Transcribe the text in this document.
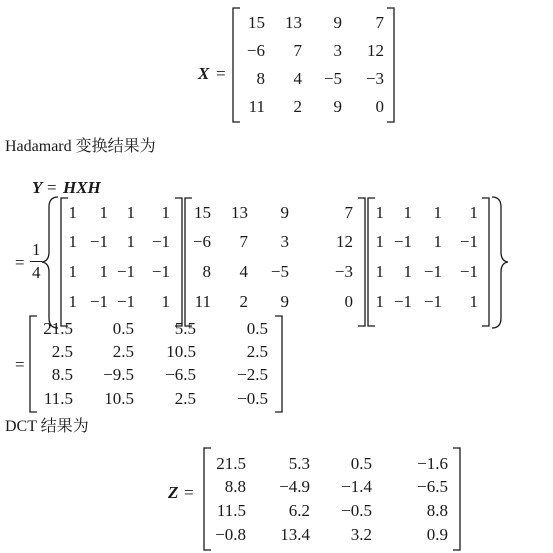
X =
Hadamard 变换结果为
Y = HXH
=
1
4
=
DCT 结果为
Z =
15 13 9 7
−6 7 3 12
8 4 −5 −3
11 2 9 0
1 1 1 1
1 −1 1 −1
1 1 −1 −1
1 −1 −1 1
15 13 9	7
−6 7 3	12
8 4 −5	−3
11 2 9	0
1 1 1 1
1 −1 1 −1
1 1 −1 −1
1 −1 −1 1
21.5 0.5 5.5	0.5
2.5 2.5 10.5	2.5
8.5 −9.5 −6.5 −2.5
11.5 10.5 2.5 −0.5
21.5	5.3 0.5	−1.6
8.8 −4.9 −1.4	−6.5
11.5	6.2 −0.5	8.8
−0.8 13.4 3.2	0.9
